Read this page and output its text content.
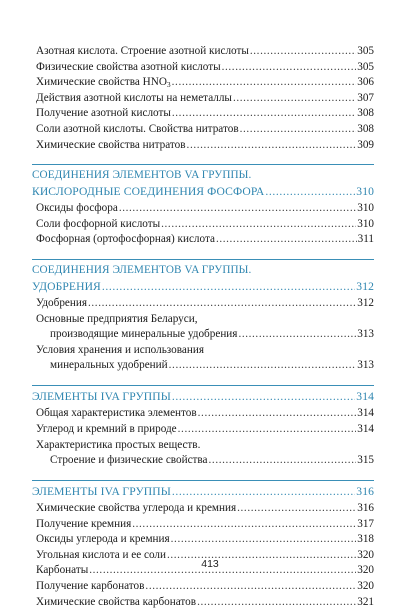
Азотная кислота. Строение азотной кислоты .....	305
Физические свойства азотной кислоты .....	305
Химические свойства $HNO_3$ .....	306
Действия азотной кислоты на неметаллы .....	307
Получение азотной кислоты .....	308
Соли азотной кислоты. Свойства нитратов .....	308
Химические свойства нитратов .....	309
СОЕДИНЕНИЯ ЭЛЕМЕНТОВ VA ГРУППЫ.
КИСЛОРОДНЫЕ СОЕДИНЕНИЯ ФОСФОРА .....	310
Оксиды фосфора .....	310
Соли фосфорной кислоты .....	310
Фосфорная (ортофосфорная) кислота .....	311
СОЕДИНЕНИЯ ЭЛЕМЕНТОВ VA ГРУППЫ.
УДОБРЕНИЯ .....	312
Удобрения .....	312
Основные предприятия Беларуси,
производящие минеральные удобрения .....	313
Условия хранения и использования
минеральных удобрений .....	313
ЭЛЕМЕНТЫ IVA ГРУППЫ .....	314
Общая характеристика элементов .....	314
Углерод и кремний в природе .....	314
Характеристика простых веществ.
Строение и физические свойства .....	315
ЭЛЕМЕНТЫ IVA ГРУППЫ .....	316
Химические свойства углерода и кремния .....	316
Получение кремния .....	317
Оксиды углерода и кремния .....	318
Угольная кислота и ее соли .....	320
Карбонаты .....	320
Получение карбонатов .....	320
Химические свойства карбонатов .....	321
413
